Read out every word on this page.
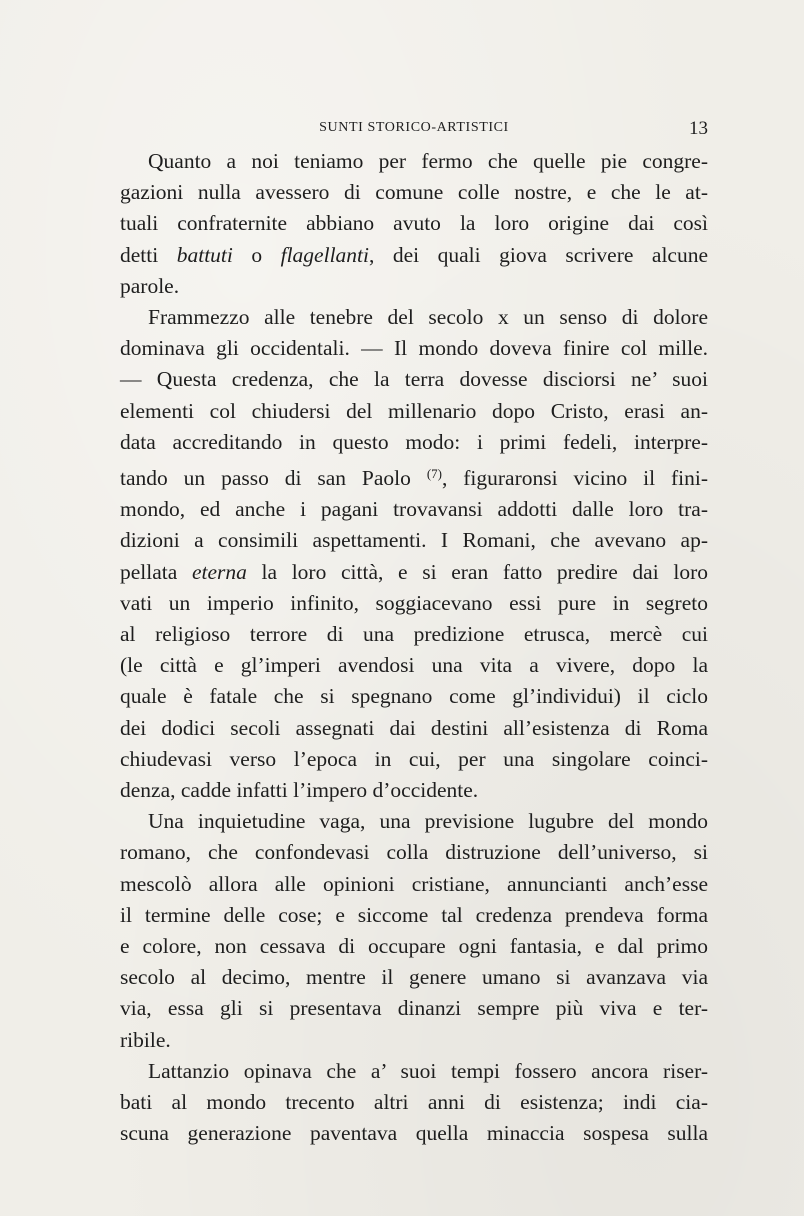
SUNTI STORICO-ARTISTICI	13

Quanto a noi teniamo per fermo che quelle pie congre-
gazioni nulla avessero di comune colle nostre, e che le at-
tuali confraternite abbiano avuto la loro origine dai così
detti battuti o flagellanti, dei quali giova scrivere alcune
parole.

Frammezzo alle tenebre del secolo x un senso di dolore
dominava gli occidentali. — Il mondo doveva finire col mille.
— Questa credenza, che la terra dovesse disciorsi ne’ suoi
elementi col chiudersi del millenario dopo Cristo, erasi an-
data accreditando in questo modo: i primi fedeli, interpre-
tando un passo di san Paolo $^{(7)}$, figuraronsi vicino il fini-
mondo, ed anche i pagani trovavansi addotti dalle loro tra-
dizioni a consimili aspettamenti. I Romani, che avevano ap-
pellata eterna la loro città, e si eran fatto predire dai loro
vati un imperio infinito, soggiacevano essi pure in segreto
al religioso terrore di una predizione etrusca, mercè cui
(le città e gl’imperi avendosi una vita a vivere, dopo la
quale è fatale che si spegnano come gl’individui) il ciclo
dei dodici secoli assegnati dai destini all’esistenza di Roma
chiudevasi verso l’epoca in cui, per una singolare coinci-
denza, cadde infatti l’impero d’occidente.

Una inquietudine vaga, una previsione lugubre del mondo
romano, che confondevasi colla distruzione dell’universo, si
mescolò allora alle opinioni cristiane, annuncianti anch’esse
il termine delle cose; e siccome tal credenza prendeva forma
e colore, non cessava di occupare ogni fantasia, e dal primo
secolo al decimo, mentre il genere umano si avanzava via
via, essa gli si presentava dinanzi sempre più viva e ter-
ribile.

Lattanzio opinava che a’ suoi tempi fossero ancora riser-
bati al mondo trecento altri anni di esistenza; indi cia-
scuna generazione paventava quella minaccia sospesa sulla
